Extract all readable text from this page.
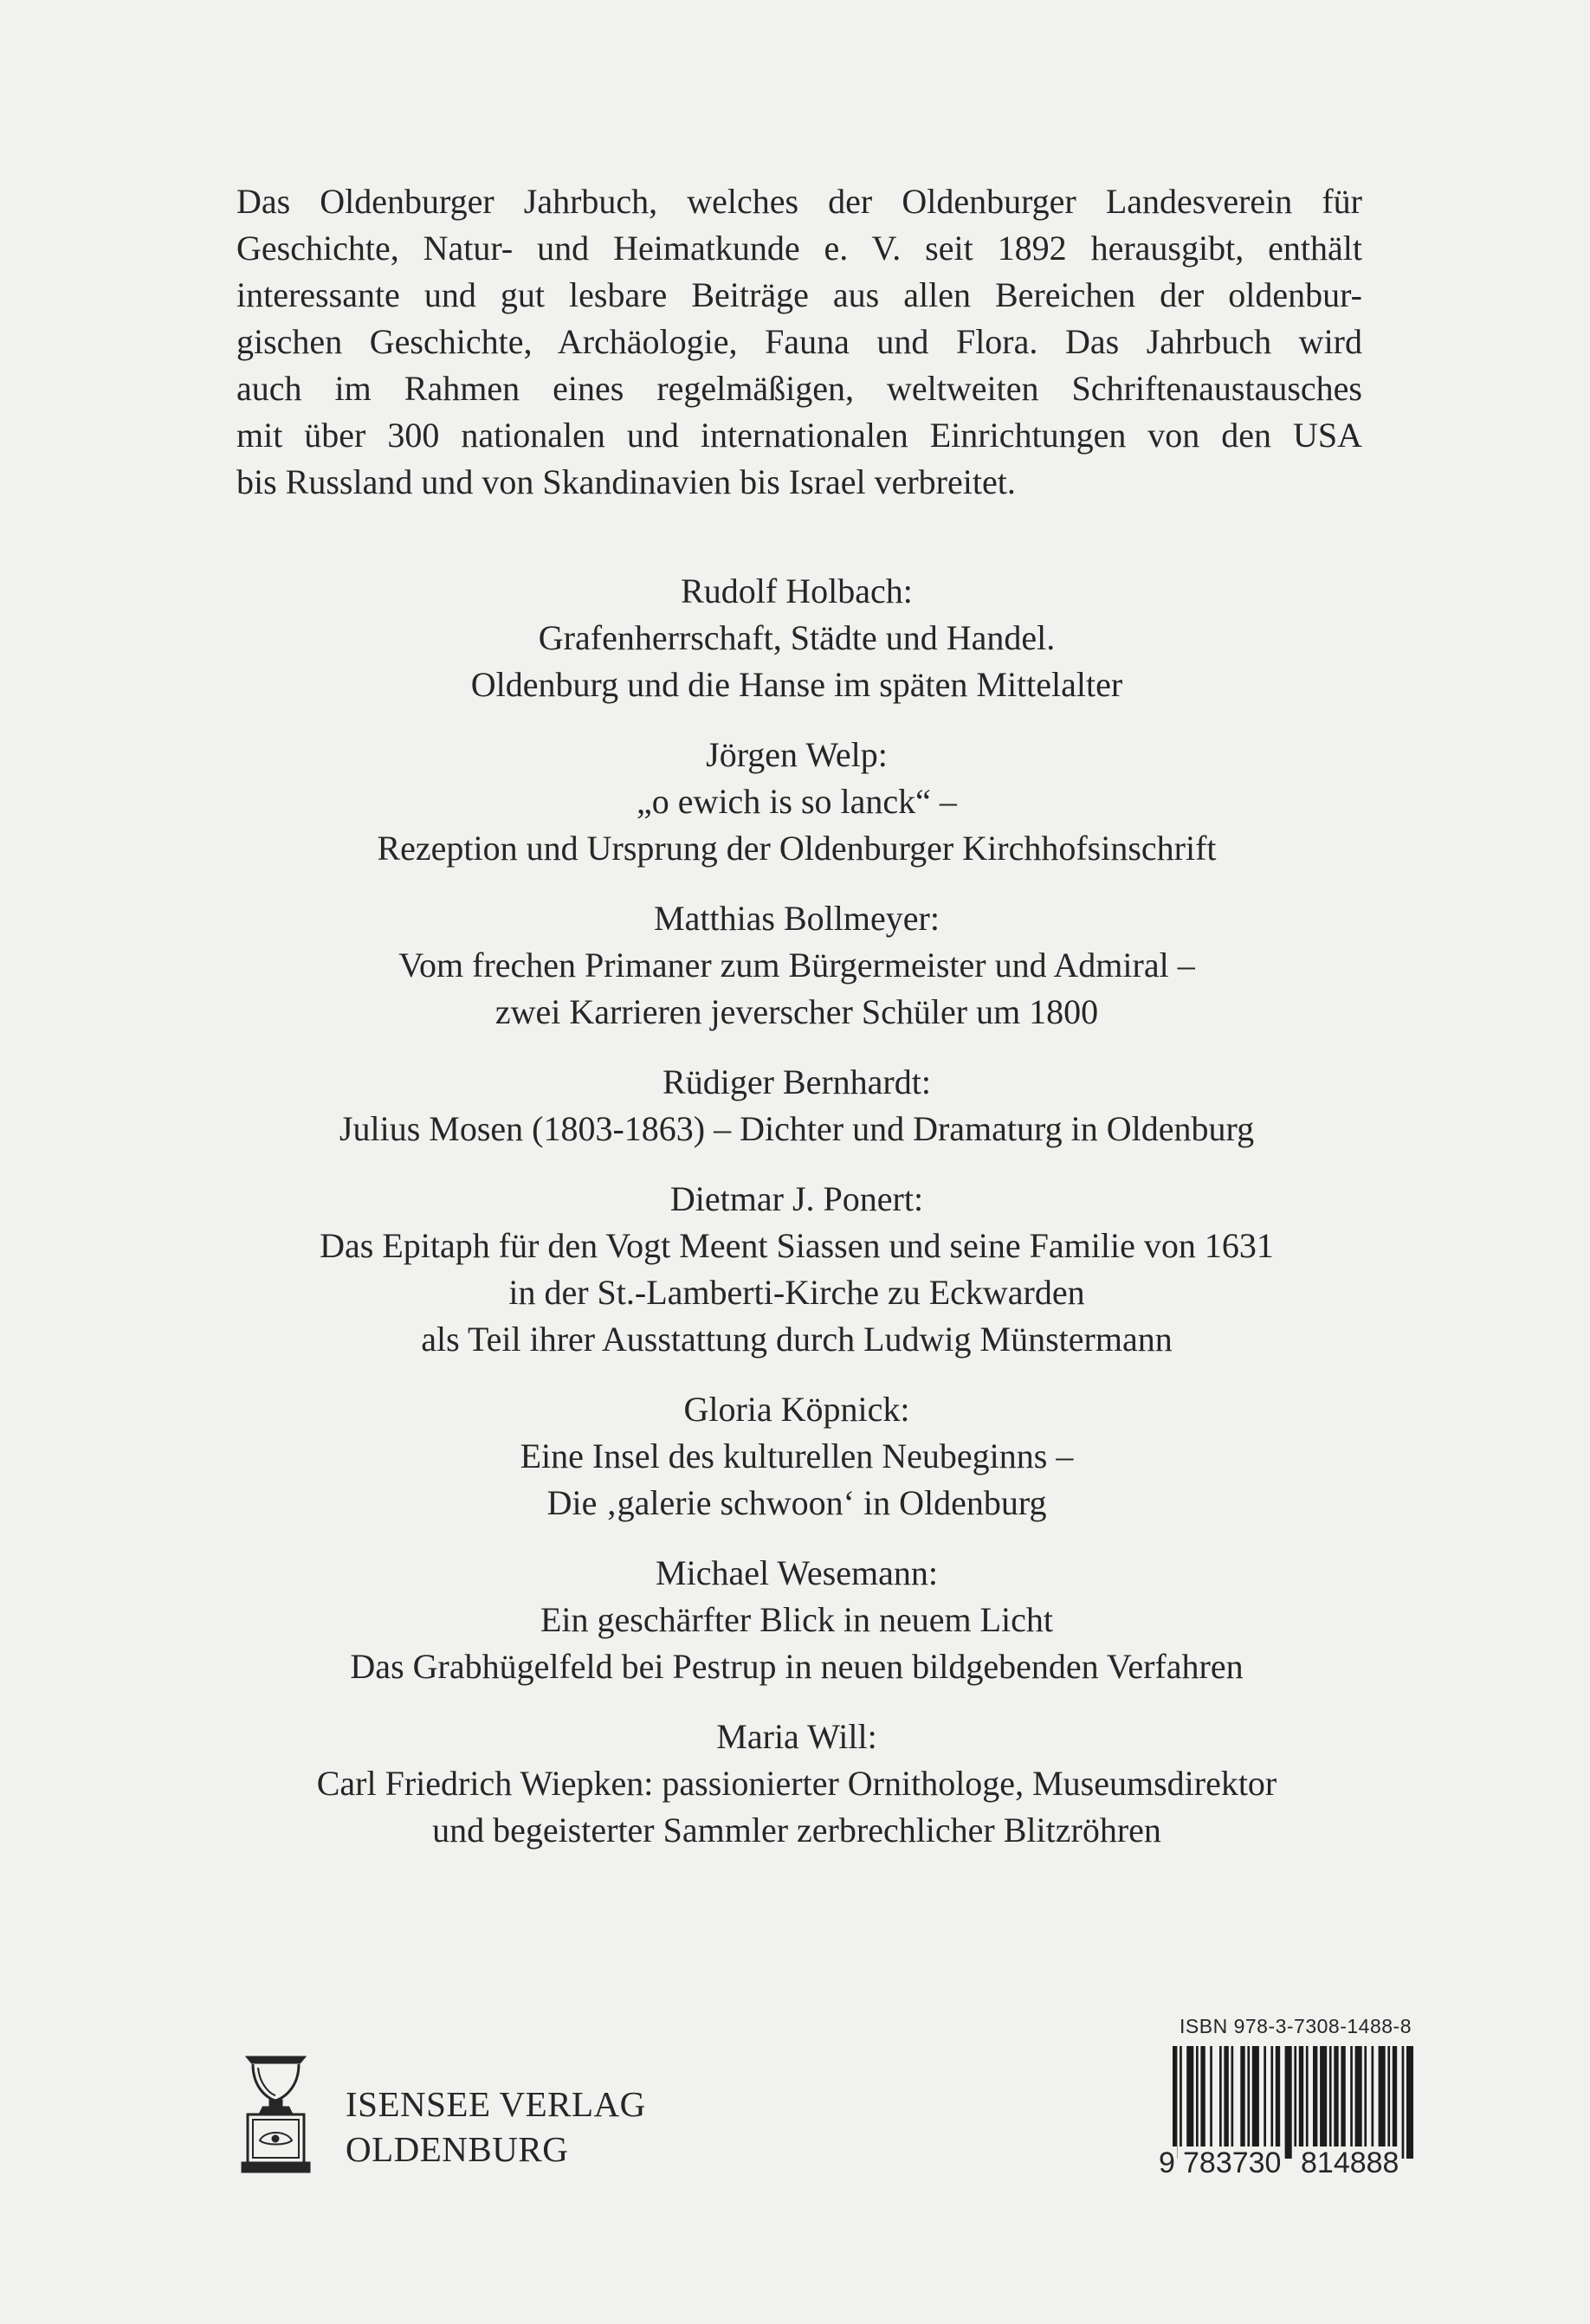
Das Oldenburger Jahrbuch, welches der Oldenburger Landesverein für
Geschichte, Natur- und Heimatkunde e. V. seit 1892 herausgibt, enthält
interessante und gut lesbare Beiträge aus allen Bereichen der oldenbur-
gischen Geschichte, Archäologie, Fauna und Flora. Das Jahrbuch wird
auch im Rahmen eines regelmäßigen, weltweiten Schriftenaustausches
mit über 300 nationalen und internationalen Einrichtungen von den USA
bis Russland und von Skandinavien bis Israel verbreitet.

Rudolf Holbach:
Grafenherrschaft, Städte und Handel.
Oldenburg und die Hanse im späten Mittelalter
Jörgen Welp:
„o ewich is so lanck“ –
Rezeption und Ursprung der Oldenburger Kirchhofsinschrift
Matthias Bollmeyer:
Vom frechen Primaner zum Bürgermeister und Admiral –
zwei Karrieren jeverscher Schüler um 1800
Rüdiger Bernhardt:
Julius Mosen (1803-1863) – Dichter und Dramaturg in Oldenburg
Dietmar J. Ponert:
Das Epitaph für den Vogt Meent Siassen und seine Familie von 1631
in der St.-Lamberti-Kirche zu Eckwarden
als Teil ihrer Ausstattung durch Ludwig Münstermann
Gloria Köpnick:
Eine Insel des kulturellen Neubeginns –
Die ‚galerie schwoon‘ in Oldenburg
Michael Wesemann:
Ein geschärfter Blick in neuem Licht
Das Grabhügelfeld bei Pestrup in neuen bildgebenden Verfahren
Maria Will:
Carl Friedrich Wiepken: passionierter Ornithologe, Museumsdirektor
und begeisterter Sammler zerbrechlicher Blitzröhren
ISENSEE VERLAG
OLDENBURG
ISBN 978-3-7308-1488-8
9 783730 814888
